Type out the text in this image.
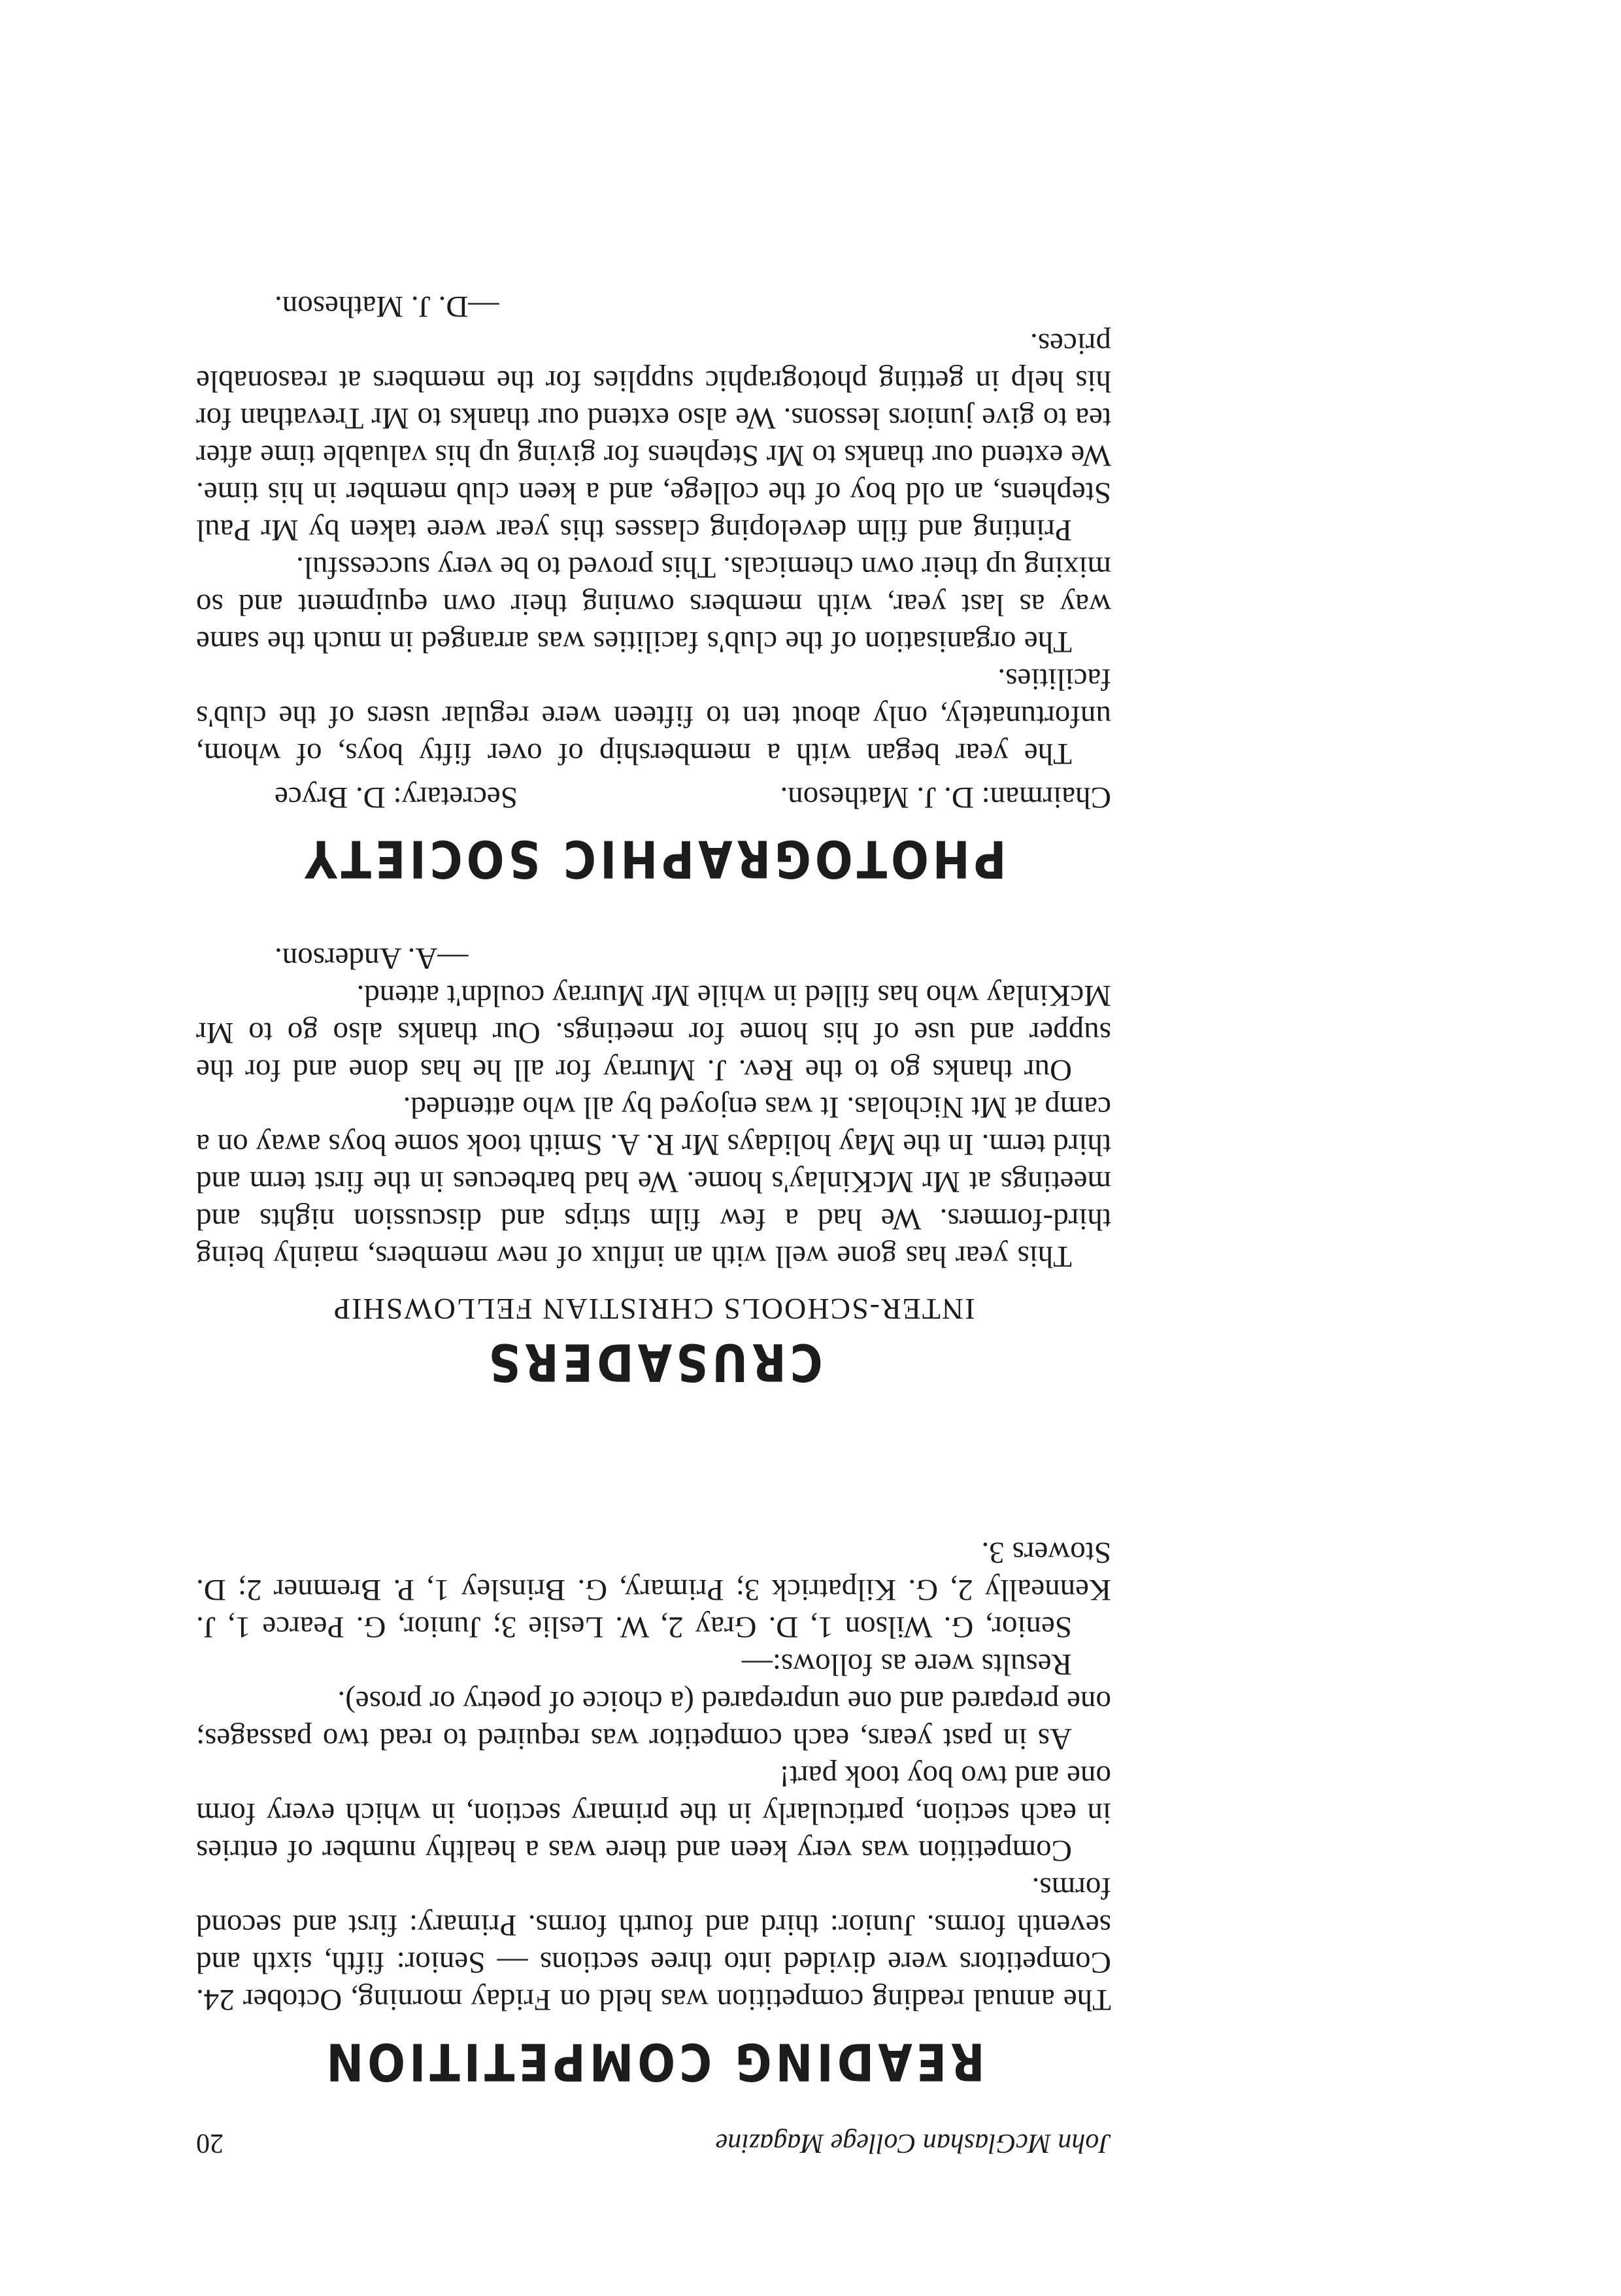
20	John McGlashan College Magazine
READING COMPETITION

The annual reading competition was held on Friday morning, October 24. Competitors were divided into three sections — Senior: fifth, sixth and seventh forms. Junior: third and fourth forms. Primary: first and second forms.

Competition was very keen and there was a healthy number of entries in each section, particularly in the primary section, in which every form one and two boy took part!

As in past years, each competitor was required to read two passages; one prepared and one unprepared (a choice of poetry or prose).

Results were as follows:—

Senior, G. Wilson 1, D. Gray 2, W. Leslie 3; Junior, G. Pearce 1, J. Kenneally 2, G. Kilpatrick 3; Primary, G. Brinsley 1, P. Bremner 2; D. Stowers 3.

CRUSADERS
INTER-SCHOOLS CHRISTIAN FELLOWSHIP

This year has gone well with an influx of new members, mainly being third-formers. We had a few film strips and discussion nights and meetings at Mr McKinlay's home. We had barbecues in the first term and third term. In the May holidays Mr R. A. Smith took some boys away on a camp at Mt Nicholas. It was enjoyed by all who attended.

Our thanks go to the Rev. J. Murray for all he has done and for the supper and use of his home for meetings. Our thanks also go to Mr McKinlay who has filled in while Mr Murray couldn't attend.

—A. Anderson.

PHOTOGRAPHIC SOCIETY
Chairman: D. J. Matheson.
Secretary: D. Bryce

The year began with a membership of over fifty boys, of whom, unfortunately, only about ten to fifteen were regular users of the club's facilities.

The organisation of the club's facilities was arranged in much the same way as last year, with members owning their own equipment and so mixing up their own chemicals. This proved to be very successful.

Printing and film developing classes this year were taken by Mr Paul Stephens, an old boy of the college, and a keen club member in his time. We extend our thanks to Mr Stephens for giving up his valuable time after tea to give juniors lessons. We also extend our thanks to Mr Trevathan for his help in getting photographic supplies for the members at reasonable prices.

—D. J. Matheson.
